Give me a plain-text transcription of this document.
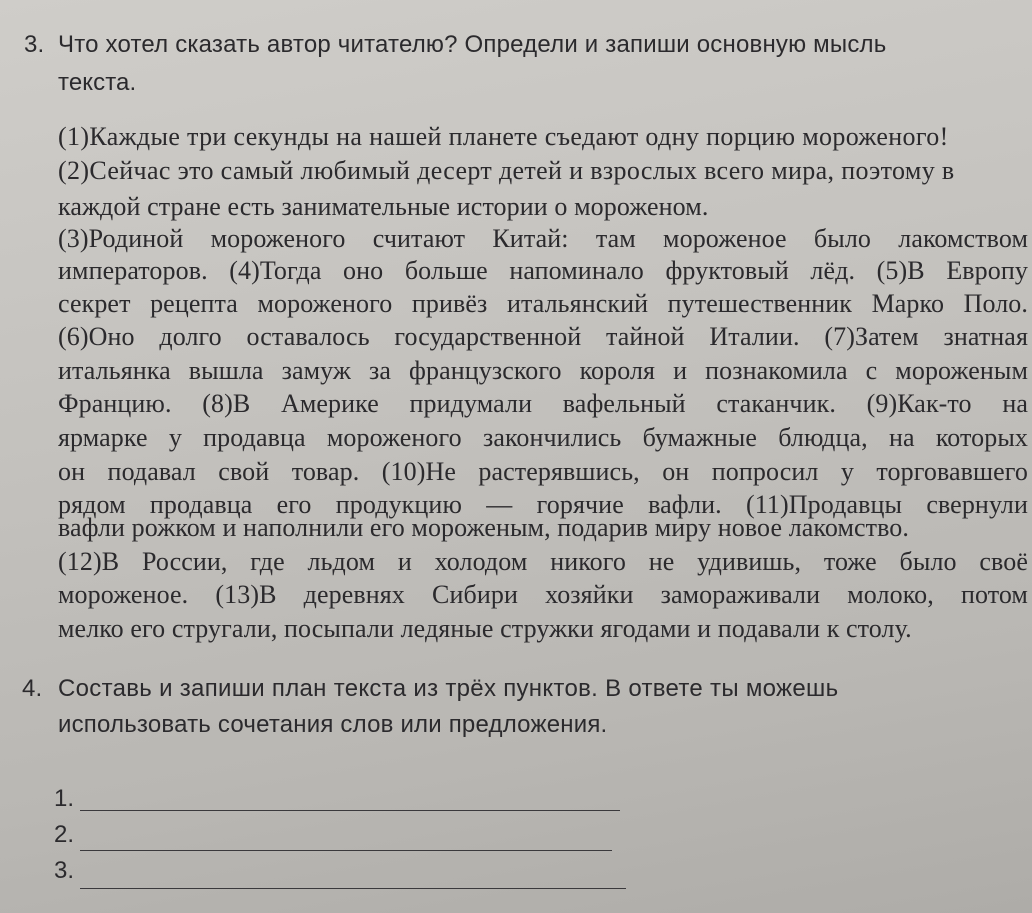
3. Что хотел сказать автор читателю? Определи и запиши основную мысль
текста.
(1)Каждые три секунды на нашей планете съедают одну порцию мороженого!
(2)Сейчас это самый любимый десерт детей и взрослых всего мира, поэтому в
каждой стране есть занимательные истории о мороженом.
(3)Родиной мороженого считают Китай: там мороженое было лакомством
императоров. (4)Тогда оно больше напоминало фруктовый лёд. (5)В Европу
секрет рецепта мороженого привёз итальянский путешественник Марко Поло.
(6)Оно долго оставалось государственной тайной Италии. (7)Затем знатная
итальянка вышла замуж за французского короля и познакомила с мороженым
Францию. (8)В Америке придумали вафельный стаканчик. (9)Как-то на
ярмарке у продавца мороженого закончились бумажные блюдца, на которых
он подавал свой товар. (10)Не растерявшись, он попросил у торговавшего
рядом продавца его продукцию — горячие вафли. (11)Продавцы свернули
вафли рожком и наполнили его мороженым, подарив миру новое лакомство.
(12)В России, где льдом и холодом никого не удивишь, тоже было своё
мороженое. (13)В деревнях Сибири хозяйки замораживали молоко, потом
мелко его стругали, посыпали ледяные стружки ягодами и подавали к столу.
4. Составь и запиши план текста из трёх пунктов. В ответе ты можешь
использовать сочетания слов или предложения.
1.
2.
3.
